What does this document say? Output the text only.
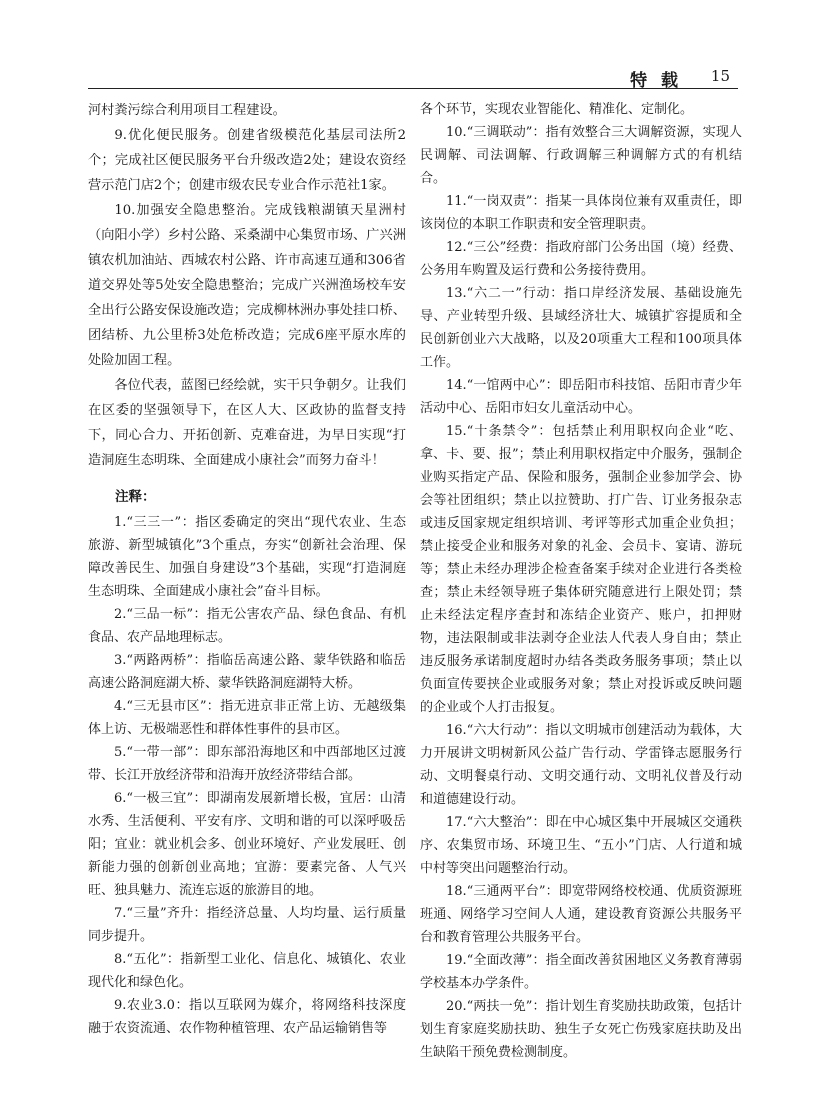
特 载 15

河村粪污综合利用项目工程建设。

9.优化便民服务。创建省级模范化基层司法所2个；完成社区便民服务平台升级改造2处；建设农资经营示范门店2个；创建市级农民专业合作示范社1家。

10.加强安全隐患整治。完成钱粮湖镇天星洲村（向阳小学）乡村公路、采桑湖中心集贸市场、广兴洲镇农机加油站、西城农村公路、许市高速互通和306省道交界处等5处安全隐患整治；完成广兴洲渔场校车安全出行公路安保设施改造；完成柳林洲办事处挂口桥、团结桥、九公里桥3处危桥改造；完成6座平原水库的处险加固工程。

各位代表，蓝图已经绘就，实干只争朝夕。让我们在区委的坚强领导下，在区人大、区政协的监督支持下，同心合力、开拓创新、克难奋进，为早日实现“打造洞庭生态明珠、全面建成小康社会”而努力奋斗！

注释：

1.“三三一”：指区委确定的突出“现代农业、生态旅游、新型城镇化”3个重点，夯实“创新社会治理、保障改善民生、加强自身建设”3个基础，实现“打造洞庭生态明珠、全面建成小康社会”奋斗目标。

2.“三品一标”：指无公害农产品、绿色食品、有机食品、农产品地理标志。

3.“两路两桥”：指临岳高速公路、蒙华铁路和临岳高速公路洞庭湖大桥、蒙华铁路洞庭湖特大桥。

4.“三无县市区”：指无进京非正常上访、无越级集体上访、无极端恶性和群体性事件的县市区。

5.“一带一部”：即东部沿海地区和中西部地区过渡带、长江开放经济带和沿海开放经济带结合部。

6.“一极三宜”：即湖南发展新增长极，宜居：山清水秀、生活便利、平安有序、文明和谐的可以深呼吸岳阳；宜业：就业机会多、创业环境好、产业发展旺、创新能力强的创新创业高地；宜游：要素完备、人气兴旺、独具魅力、流连忘返的旅游目的地。

7.“三量”齐升：指经济总量、人均均量、运行质量同步提升。

8.“五化”：指新型工业化、信息化、城镇化、农业现代化和绿色化。

9.农业3.0：指以互联网为媒介，将网络科技深度融于农资流通、农作物种植管理、农产品运输销售等

各个环节，实现农业智能化、精准化、定制化。

10.“三调联动”：指有效整合三大调解资源，实现人民调解、司法调解、行政调解三种调解方式的有机结合。

11.“一岗双责”：指某一具体岗位兼有双重责任，即该岗位的本职工作职责和安全管理职责。

12.“三公”经费：指政府部门公务出国（境）经费、公务用车购置及运行费和公务接待费用。

13.“六二一”行动：指口岸经济发展、基础设施先导、产业转型升级、县域经济壮大、城镇扩容提质和全民创新创业六大战略，以及20项重大工程和100项具体工作。

14.“一馆两中心”：即岳阳市科技馆、岳阳市青少年活动中心、岳阳市妇女儿童活动中心。

15.“十条禁令”：包括禁止利用职权向企业“吃、拿、卡、要、报”；禁止利用职权指定中介服务，强制企业购买指定产品、保险和服务，强制企业参加学会、协会等社团组织；禁止以拉赞助、打广告、订业务报杂志或违反国家规定组织培训、考评等形式加重企业负担；禁止接受企业和服务对象的礼金、会员卡、宴请、游玩等；禁止未经办理涉企检查备案手续对企业进行各类检查；禁止未经领导班子集体研究随意进行上限处罚；禁止未经法定程序查封和冻结企业资产、账户，扣押财物，违法限制或非法剥夺企业法人代表人身自由；禁止违反服务承诺制度超时办结各类政务服务事项；禁止以负面宣传要挟企业或服务对象；禁止对投诉或反映问题的企业或个人打击报复。

16.“六大行动”：指以文明城市创建活动为载体，大力开展讲文明树新风公益广告行动、学雷锋志愿服务行动、文明餐桌行动、文明交通行动、文明礼仪普及行动和道德建设行动。

17.“六大整治”：即在中心城区集中开展城区交通秩序、农集贸市场、环境卫生、“五小”门店、人行道和城中村等突出问题整治行动。

18.“三通两平台”：即宽带网络校校通、优质资源班班通、网络学习空间人人通，建设教育资源公共服务平台和教育管理公共服务平台。

19.“全面改薄”：指全面改善贫困地区义务教育薄弱学校基本办学条件。

20.“两扶一免”：指计划生育奖励扶助政策，包括计划生育家庭奖励扶助、独生子女死亡伤残家庭扶助及出生缺陷干预免费检测制度。
